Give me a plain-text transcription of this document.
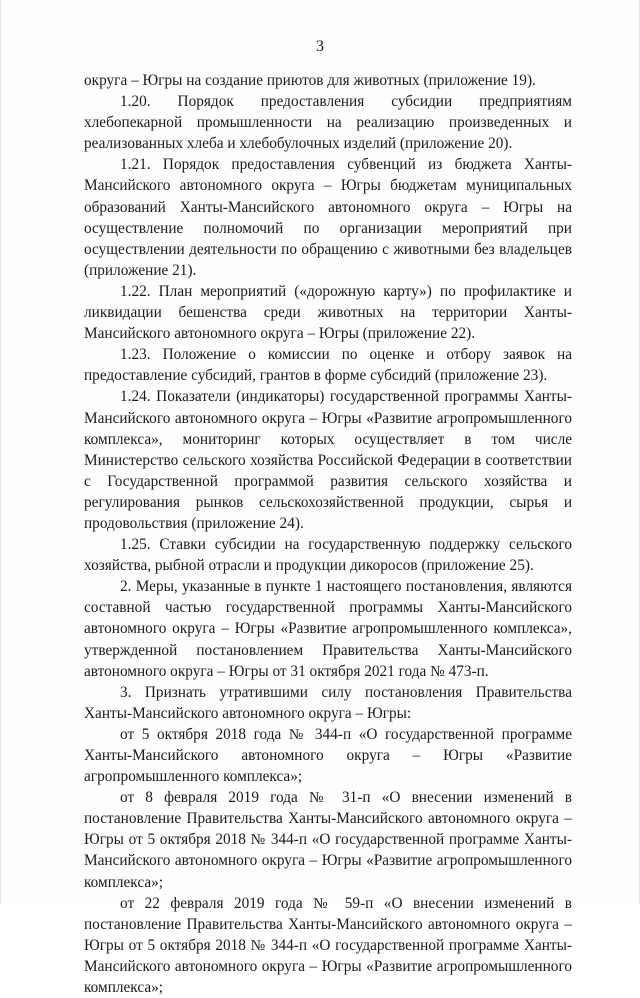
3

округа – Югры на создание приютов для животных (приложение 19).

1.20. Порядок предоставления субсидии предприятиям хлебопекарной промышленности на реализацию произведенных и реализованных хлеба и хлебобулочных изделий (приложение 20).

1.21. Порядок предоставления субвенций из бюджета Ханты-Мансийского автономного округа – Югры бюджетам муниципальных образований Ханты-Мансийского автономного округа – Югры на осуществление полномочий по организации мероприятий при осуществлении деятельности по обращению с животными без владельцев (приложение 21).

1.22. План мероприятий («дорожную карту») по профилактике и ликвидации бешенства среди животных на территории Ханты-Мансийского автономного округа – Югры (приложение 22).

1.23. Положение о комиссии по оценке и отбору заявок на предоставление субсидий, грантов в форме субсидий (приложение 23).

1.24. Показатели (индикаторы) государственной программы Ханты-Мансийского автономного округа – Югры «Развитие агропромышленного комплекса», мониторинг которых осуществляет в том числе Министерство сельского хозяйства Российской Федерации в соответствии с Государственной программой развития сельского хозяйства и регулирования рынков сельскохозяйственной продукции, сырья и продовольствия (приложение 24).

1.25. Ставки субсидии на государственную поддержку сельского хозяйства, рыбной отрасли и продукции дикоросов (приложение 25).

2. Меры, указанные в пункте 1 настоящего постановления, являются составной частью государственной программы Ханты-Мансийского автономного округа – Югры «Развитие агропромышленного комплекса», утвержденной постановлением Правительства Ханты-Мансийского автономного округа – Югры от 31 октября 2021 года № 473-п.

3. Признать утратившими силу постановления Правительства Ханты-Мансийского автономного округа – Югры:

от 5 октября 2018 года № 344-п «О государственной программе Ханты-Мансийского автономного округа – Югры «Развитие агропромышленного комплекса»;

от 8 февраля 2019 года № 31-п «О внесении изменений в постановление Правительства Ханты-Мансийского автономного округа – Югры от 5 октября 2018 № 344-п «О государственной программе Ханты-Мансийского автономного округа – Югры «Развитие агропромышленного комплекса»;

от 22 февраля 2019 года № 59-п «О внесении изменений в постановление Правительства Ханты-Мансийского автономного округа – Югры от 5 октября 2018 № 344-п «О государственной программе Ханты-Мансийского автономного округа – Югры «Развитие агропромышленного комплекса»;
